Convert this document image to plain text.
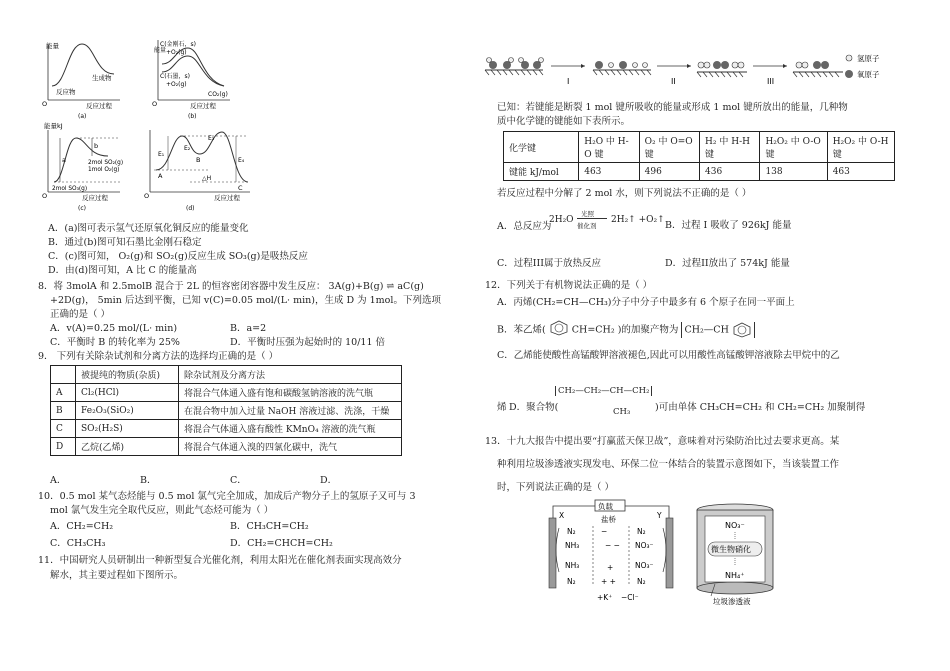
能量
生成物
反应物
O	反应过程
(a)
C(金刚石，s)
+O₂(g)
C(石墨，s)
+O₂(g)
CO₂(g)
能量
O	反应过程
(b)
能量kJ
a
b
2mol SO₂(g)
1mol O₂(g)
2mol SO₃(g)
O	反应过程
(c)
E₁
E₂
E₃
E₄
A
B
C
△H
O	反应过程
(d)
A．(a)图可表示氢气还原氧化铜反应的能量变化
B．通过(b)图可知石墨比金刚石稳定
C．(c)图可知， O₂(g)和 SO₂(g)反应生成 SO₃(g)是吸热反应
D．由(d)图可知，A 比 C 的能量高
8．将 3molA 和 2.5molB 混合于 2L 的恒容密闭容器中发生反应： 3A(g)+B(g) ⇌ aC(g)
+2D(g)， 5min 后达到平衡，已知 v(C)=0.05 mol/(L· min)，生成 D 为 1mol。下列选项
正确的是（ ）
A．v(A)=0.25 mol/(L· min)	B．a=2
C．平衡时 B 的转化率为 25%	D．平衡时压强为起始时的 10/11 倍
9． 下列有关除杂试剂和分离方法的选择均正确的是（ ）
	被提纯的物质(杂质)	除杂试剂及分离方法
A	Cl₂(HCl)	将混合气体通入盛有饱和碳酸氢钠溶液的洗气瓶
B	Fe₂O₃(SiO₂)	在混合物中加入过量 NaOH 溶液过滤、洗涤，干燥
C	SO₂(H₂S)	将混合气体通入盛有酸性 KMnO₄ 溶液的洗气瓶
D	乙烷(乙烯)	将混合气体通入溴的四氯化碳中，洗气
A．	B．	C．	D．
10．0.5 mol 某气态烃能与 0.5 mol 氯气完全加成，加成后产物分子上的氢原子又可与 3
mol 氯气发生完全取代反应，则此气态烃可能为（ ）
A．CH₂=CH₂	B．CH₃CH=CH₂
C．CH₃CH₃	D．CH₂=CHCH=CH₂
11．中国研究人员研制出一种新型复合光催化剂，利用太阳光在催化剂表面实现高效分
解水，其主要过程如下图所示。
I	II	III
氢原子
氧原子
已知：若键能是断裂 1 mol 键所吸收的能量或形成 1 mol 键所放出的能量，几种物
质中化学键的键能如下表所示。
化学键	H₂O 中 H-O 键	O₂ 中 O=O 键	H₂ 中 H-H 键	H₂O₂ 中 O-O 键	H₂O₂ 中 O-H 键
键能 kJ/mol	463	496	436	138	463
若反应过程中分解了 2 mol 水，则下列说法不正确的是（ ）
A．总反应为
2H₂O
光照
催化剂
2H₂↑ +O₂↑ B．过程 I 吸收了 926kJ 能量
C．过程III属于放热反应	D．过程II放出了 574kJ 能量
12．下列关于有机物说法正确的是（ ）
A．丙烯(CH₂=CH—CH₃)分子中分子中最多有 6 个原子在同一平面上
B．苯乙烯(	CH=CH₂ )的加聚产物为 CH₂—CH
C．乙烯能使酸性高锰酸钾溶液褪色,因此可以用酸性高锰酸钾溶液除去甲烷中的乙
CH₂—CH₂—CH—CH₂
CH₃
烯 D．聚合物(	)可由单体 CH₃CH=CH₂ 和 CH₂=CH₂ 加聚制得
13．十九大报告中提出要“打赢蓝天保卫战”，意味着对污染防治比过去要求更高。某
种利用垃圾渗透液实现发电、环保二位一体结合的装置示意图如下，当该装置工作
时，下列说法正确的是（ ）
负载
X	Y
盐桥
N₂
NH₃
NH₃
N₂
−
− −
+
+ +
N₂
NO₃⁻
NO₃⁻
N₂
+K⁺ −Cl⁻
NO₃⁻
微生物硝化
NH₄⁺
垃圾渗透液
